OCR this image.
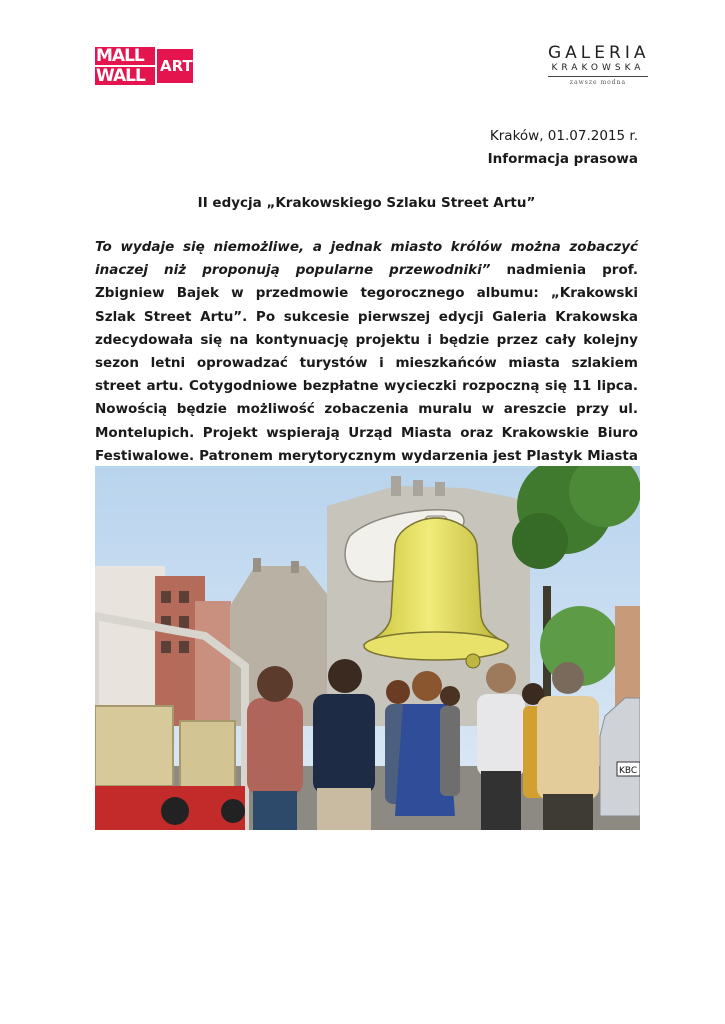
MALL
WALL ART
GALERIA
KRAKOWSKA
zawsze modna
Kraków, 01.07.2015 r.
Informacja prasowa
II edycja „Krakowskiego Szlaku Street Artu”
To wydaje się niemożliwe, a jednak miasto królów można zobaczyć inaczej niż proponują popularne przewodniki” nadmienia prof. Zbigniew Bajek w przedmowie tegorocznego albumu: „Krakowski Szlak Street Artu”. Po sukcesie pierwszej edycji Galeria Krakowska zdecydowała się na kontynuację projektu i będzie przez cały kolejny sezon letni oprowadzać turystów i mieszkańców miasta szlakiem street artu. Cotygodniowe bezpłatne wycieczki rozpoczną się 11 lipca. Nowością będzie możliwość zobaczenia muralu w areszcie przy ul. Montelupich. Projekt wspierają Urząd Miasta oraz Krakowskie Biuro Festiwalowe. Patronem merytorycznym wydarzenia jest Plastyk Miasta
KBC
